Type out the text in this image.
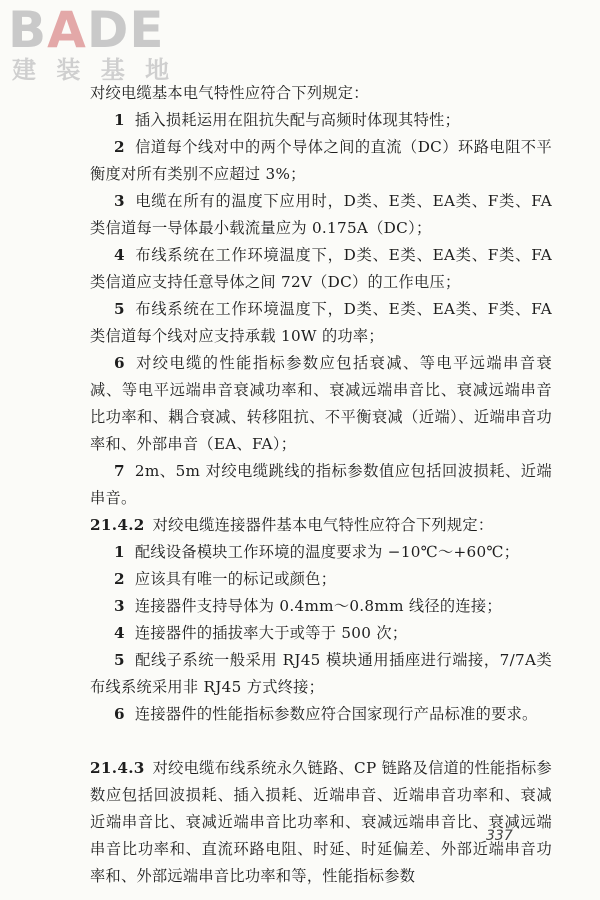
BADE
建 装 基 地
对绞电缆基本电气特性应符合下列规定：
1 插入损耗运用在阻抗失配与高频时体现其特性；
2 信道每个线对中的两个导体之间的直流（DC）环路电阻不平衡度对所有类别不应超过 3%；
3 电缆在所有的温度下应用时，D类、E类、EA类、F类、FA类信道每一导体最小载流量应为 0.175A（DC）；
4 布线系统在工作环境温度下，D类、E类、EA类、F类、FA类信道应支持任意导体之间 72V（DC）的工作电压；
5 布线系统在工作环境温度下，D类、E类、EA类、F类、FA类信道每个线对应支持承载 10W 的功率；
6 对绞电缆的性能指标参数应包括衰减、等电平远端串音衰减、等电平远端串音衰减功率和、衰减远端串音比、衰减远端串音比功率和、耦合衰减、转移阻抗、不平衡衰减（近端）、近端串音功率和、外部串音（EA、FA）；
7 2m、5m 对绞电缆跳线的指标参数值应包括回波损耗、近端串音。
21.4.2 对绞电缆连接器件基本电气特性应符合下列规定：
1 配线设备模块工作环境的温度要求为 −10℃～+60℃；
2 应该具有唯一的标记或颜色；
3 连接器件支持导体为 0.4mm～0.8mm 线径的连接；
4 连接器件的插拔率大于或等于 500 次；
5 配线子系统一般采用 RJ45 模块通用插座进行端接，7/7A类布线系统采用非 RJ45 方式终接；
6 连接器件的性能指标参数应符合国家现行产品标准的要求。
21.4.3 对绞电缆布线系统永久链路、CP 链路及信道的性能指标参数应包括回波损耗、插入损耗、近端串音、近端串音功率和、衰减近端串音比、衰减近端串音比功率和、衰减远端串音比、衰减远端串音比功率和、直流环路电阻、时延、时延偏差、外部近端串音功率和、外部远端串音比功率和等，性能指标参数
337
